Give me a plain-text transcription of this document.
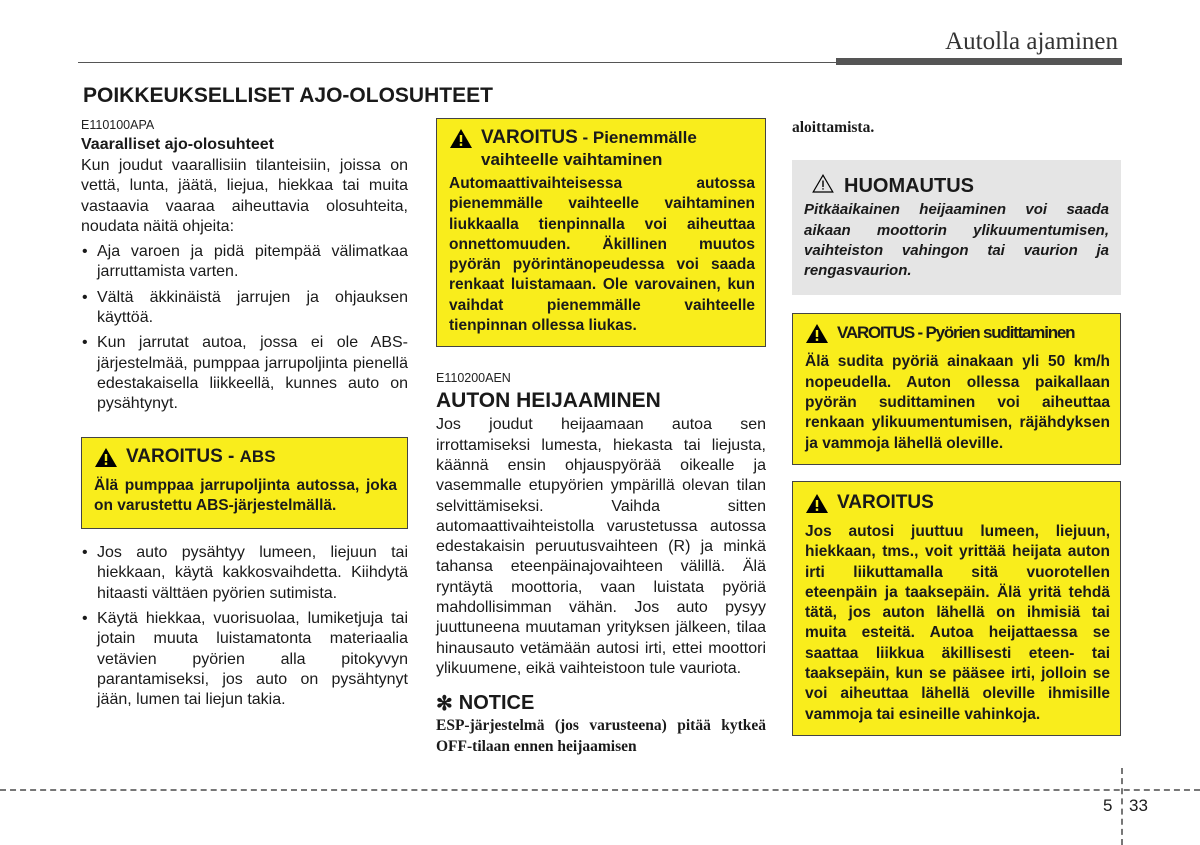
Autolla ajaminen
POIKKEUKSELLISET AJO-OLOSUHTEET
E110100APA
Vaaralliset ajo-olosuhteet
Kun joudut vaarallisiin tilanteisiin, joissa on vettä, lunta, jäätä, liejua, hiekkaa tai muita vastaavia vaaraa aiheuttavia olosuhteita, noudata näitä ohjeita:
• Aja varoen ja pidä pitempää välimatkaa jarruttamista varten.
• Vältä äkkinäistä jarrujen ja ohjauksen käyttöä.
• Kun jarrutat autoa, jossa ei ole ABS-järjestelmää, pumppaa jarrupoljinta pienellä edestakaisella liikkeellä, kunnes auto on pysähtynyt.
VAROITUS - ABS
Älä pumppaa jarrupoljinta autossa, joka on varustettu ABS-järjestelmällä.
• Jos auto pysähtyy lumeen, liejuun tai hiekkaan, käytä kakkosvaihdetta. Kiihdytä hitaasti välttäen pyörien sutimista.
• Käytä hiekkaa, vuorisuolaa, lumiketjuja tai jotain muuta luistamatonta materiaalia vetävien pyörien alla pitokyvyn parantamiseksi, jos auto on pysähtynyt jään, lumen tai liejun takia.
VAROITUS - Pienemmälle vaihteelle vaihtaminen
Automaattivaihteisessa autossa pienemmälle vaihteelle vaihtaminen liukkaalla tienpinnalla voi aiheuttaa onnettomuuden. Äkillinen muutos pyörän pyörintänopeudessa voi saada renkaat luistamaan. Ole varovainen, kun vaihdat pienemmälle vaihteelle tienpinnan ollessa liukas.
E110200AEN
AUTON HEIJAAMINEN
Jos joudut heijaamaan autoa sen irrottamiseksi lumesta, hiekasta tai liejusta, käännä ensin ohjauspyörää oikealle ja vasemmalle etupyörien ympärillä olevan tilan selvittämiseksi. Vaihda sitten automaattivaihteistolla varustetussa autossa edestakaisin peruutusvaihteen (R) ja minkä tahansa eteenpäinajovaihteen välillä. Älä ryntäytä moottoria, vaan luistata pyöriä mahdollisimman vähän. Jos auto pysyy juuttuneena muutaman yrityksen jälkeen, tilaa hinausauto vetämään autosi irti, ettei moottori ylikuumene, eikä vaihteistoon tule vauriota.
✻ NOTICE
ESP-järjestelmä (jos varusteena) pitää kytkeä OFF-tilaan ennen heijaamisen
aloittamista.
HUOMAUTUS
Pitkäaikainen heijaaminen voi saada aikaan moottorin ylikuumentumisen, vaihteiston vahingon tai vaurion ja rengasvaurion.
VAROITUS - Pyörien sudittaminen
Älä sudita pyöriä ainakaan yli 50 km/h nopeudella. Auton ollessa paikallaan pyörän sudittaminen voi aiheuttaa renkaan ylikuumentumisen, räjähdyksen ja vammoja lähellä oleville.
VAROITUS
Jos autosi juuttuu lumeen, liejuun, hiekkaan, tms., voit yrittää heijata auton irti liikuttamalla sitä vuorotellen eteenpäin ja taaksepäin. Älä yritä tehdä tätä, jos auton lähellä on ihmisiä tai muita esteitä. Autoa heijattaessa se saattaa liikkua äkillisesti eteen- tai taaksepäin, kun se pääsee irti, jolloin se voi aiheuttaa lähellä oleville ihmisille vammoja tai esineille vahinkoja.
5 33
